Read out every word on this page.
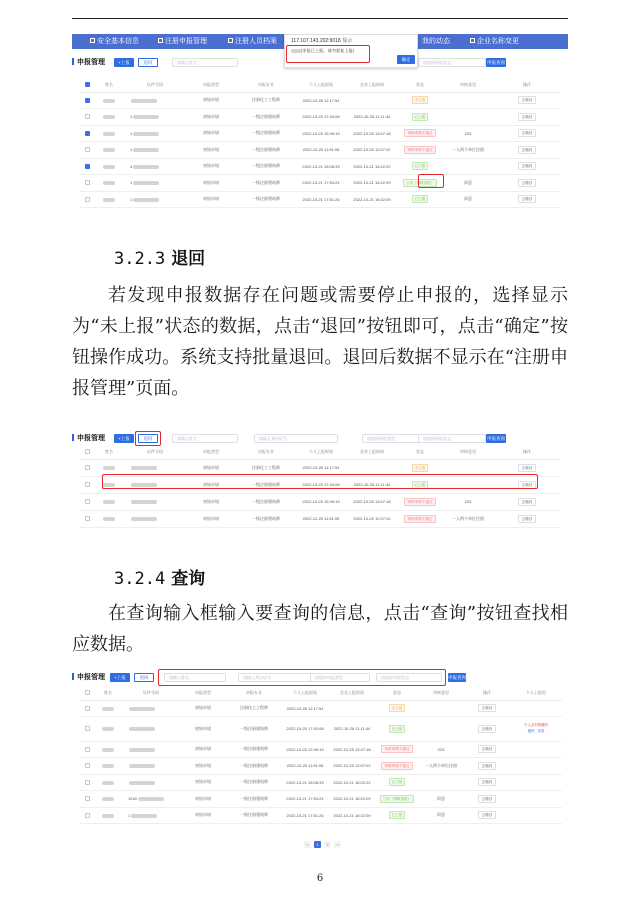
安全基本信息	注册申报管理	注册人员档案	我的动态	企业名称变更
申报管理	+上报	退回	请输入姓名	请选择申报状态	申报查询
117.107.143.202:9018 显示
(申报已上报，请勿重复上报)
确定
	姓名	证件号码	申报类型	申报专业	个人上报时间	企业上报时间	状态	审核意见	操作
			初始申请	注册化工工程师	2022-10-26 11:17:54		未上报		去撤回
		1	初始申请	一级注册建筑师	2022-10-25 17:43:08	2022-10-26 11:11:44	已上报		去撤回
		1	初始申请	一级注册建筑师	2022-10-25 15:45:19	2022-10-25 13:47:18	审核审核不通过	223	去撤回
		1	初始申请	一级注册建筑师	2022-10-25 11:51:05	2022-10-25 12:07:02	审核审核不通过	一人两个单位注册	去撤回
		4	初始申请	一级注册建筑师	2022-10-21 18:08:33	2022-10-21 18:22:22	已上报		去撤回
		1	初始申请	一级注册建筑师	2022-10-21 17:53:24	2022-10-21 18:22:09	公布（审核电报）	同意	去撤回
		1	初始申请	一级注册建筑师	2022-10-21 17:51:26	2022-10-21 18:22:09	已上报	同意	去撤回
3.2.3 退回
若发现申报数据存在问题或需要停止申报的，选择显示为“未上报”状态的数据，点击“退回”按钮即可，点击“确定”按钮操作成功。系统支持批量退回。退回后数据不显示在“注册申报管理”页面。
申报管理	+上报	退回	请输入姓名	请输入身份证号	请选择申报类型	请选择申报状态	申报查询
	姓名	证件号码	申报类型	申报专业	个人上报时间	企业上报时间	状态	审核意见	操作
			初始申请	注册化工工程师	2022-10-26 11:17:54		未上报		去撤回
			初始申请	一级注册建筑师	2022-10-25 17:43:08	2022-10-26 11:11:44	已上报		去撤回
			初始申请	一级注册建筑师	2022-10-25 15:45:19	2022-10-25 13:47:18	审核审核不通过	223	去撤回
			初始申请	一级注册建筑师	2022-10-25 11:51:05	2022-10-25 12:07:02	审核审核不通过	一人两个单位注册	去撤回
3.2.4 查询
在查询输入框输入要查询的信息，点击“查询”按钮查找相应数据。
申报管理	+上报	退回	请输入姓名	请输入身份证号	请选择申报类型	请选择申报状态	申报查询
	姓名	证件号码	申报类型	申报专业	个人上报时间	企业上报时间	状态	审核意见	操作	个人上报时
			初始申请	注册化工工程师	2022-10-26 11:17:54		未上报		去撤回	
			初始申请	一级注册建筑师	2022-10-25 17:43:08	2022-10-26 11:11:44	已上报		去撤回	个人去申报撤回
撤销 查看
			初始申请	一级注册建筑师	2022-10-25 12:45:19	2022-10-25 13:47:18	审核审核不通过	223	去撤回	
			初始申请	一级注册建筑师	2022-10-25 11:51:05	2022-10-25 12:07:02	审核审核不通过	一人两个单位注册	去撤回	
			初始申请	一级注册建筑师	2022-10-21 18:08:33	2022-10-21 18:22:22	已上报		去撤回	
		1240	初始申请	一级注册建筑师	2022-10-21 17:53:24	2022-10-21 18:22:09	公布（审核电报）	同意	去撤回	
		1	初始申请	一级注册建筑师	2022-10-21 17:51:26	2022-10-21 18:22:09	已上报	同意	去撤回	
<	1	2	>
6
